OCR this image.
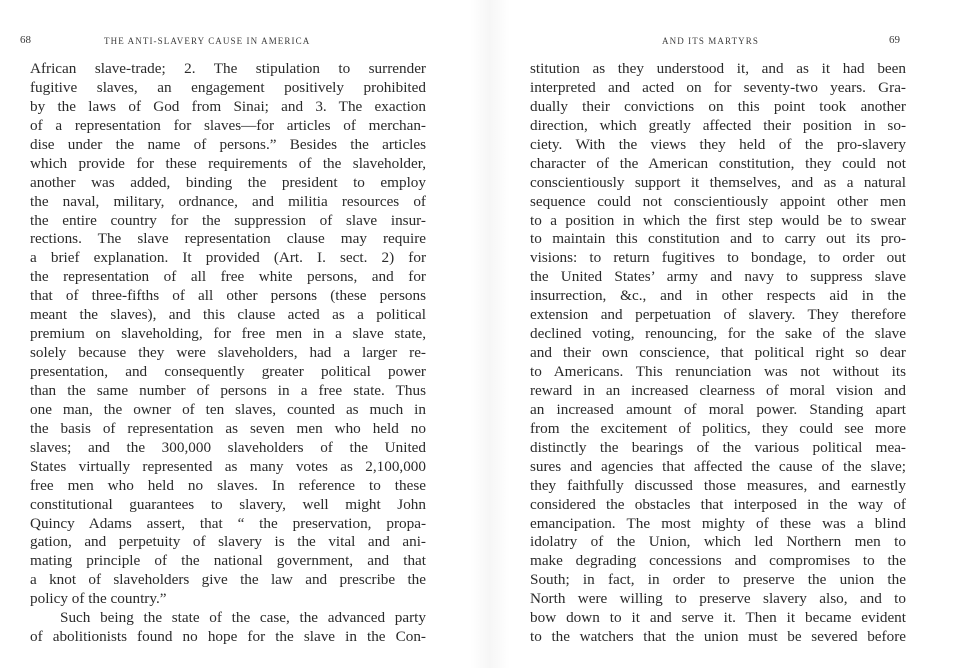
68	THE ANTI-SLAVERY CAUSE IN AMERICA
African slave-trade; 2. The stipulation to surrender
fugitive slaves, an engagement positively prohibited
by the laws of God from Sinai; and 3. The exaction
of a representation for slaves—for articles of merchan-
dise under the name of persons.” Besides the articles
which provide for these requirements of the slaveholder,
another was added, binding the president to employ
the naval, military, ordnance, and militia resources of
the entire country for the suppression of slave insur-
rections. The slave representation clause may require
a brief explanation. It provided (Art. I. sect. 2) for
the representation of all free white persons, and for
that of three-fifths of all other persons (these persons
meant the slaves), and this clause acted as a political
premium on slaveholding, for free men in a slave state,
solely because they were slaveholders, had a larger re-
presentation, and consequently greater political power
than the same number of persons in a free state. Thus
one man, the owner of ten slaves, counted as much in
the basis of representation as seven men who held no
slaves; and the 300,000 slaveholders of the United
States virtually represented as many votes as 2,100,000
free men who held no slaves. In reference to these
constitutional guarantees to slavery, well might John
Quincy Adams assert, that “ the preservation, propa-
gation, and perpetuity of slavery is the vital and ani-
mating principle of the national government, and that
a knot of slaveholders give the law and prescribe the
policy of the country.”
Such being the state of the case, the advanced party
of abolitionists found no hope for the slave in the Con-
AND ITS MARTYRS	69
stitution as they understood it, and as it had been
interpreted and acted on for seventy-two years. Gra-
dually their convictions on this point took another
direction, which greatly affected their position in so-
ciety. With the views they held of the pro-slavery
character of the American constitution, they could not
conscientiously support it themselves, and as a natural
sequence could not conscientiously appoint other men
to a position in which the first step would be to swear
to maintain this constitution and to carry out its pro-
visions: to return fugitives to bondage, to order out
the United States’ army and navy to suppress slave
insurrection, &c., and in other respects aid in the
extension and perpetuation of slavery. They therefore
declined voting, renouncing, for the sake of the slave
and their own conscience, that political right so dear
to Americans. This renunciation was not without its
reward in an increased clearness of moral vision and
an increased amount of moral power. Standing apart
from the excitement of politics, they could see more
distinctly the bearings of the various political mea-
sures and agencies that affected the cause of the slave;
they faithfully discussed those measures, and earnestly
considered the obstacles that interposed in the way of
emancipation. The most mighty of these was a blind
idolatry of the Union, which led Northern men to
make degrading concessions and compromises to the
South; in fact, in order to preserve the union the
North were willing to preserve slavery also, and to
bow down to it and serve it. Then it became evident
to the watchers that the union must be severed before
